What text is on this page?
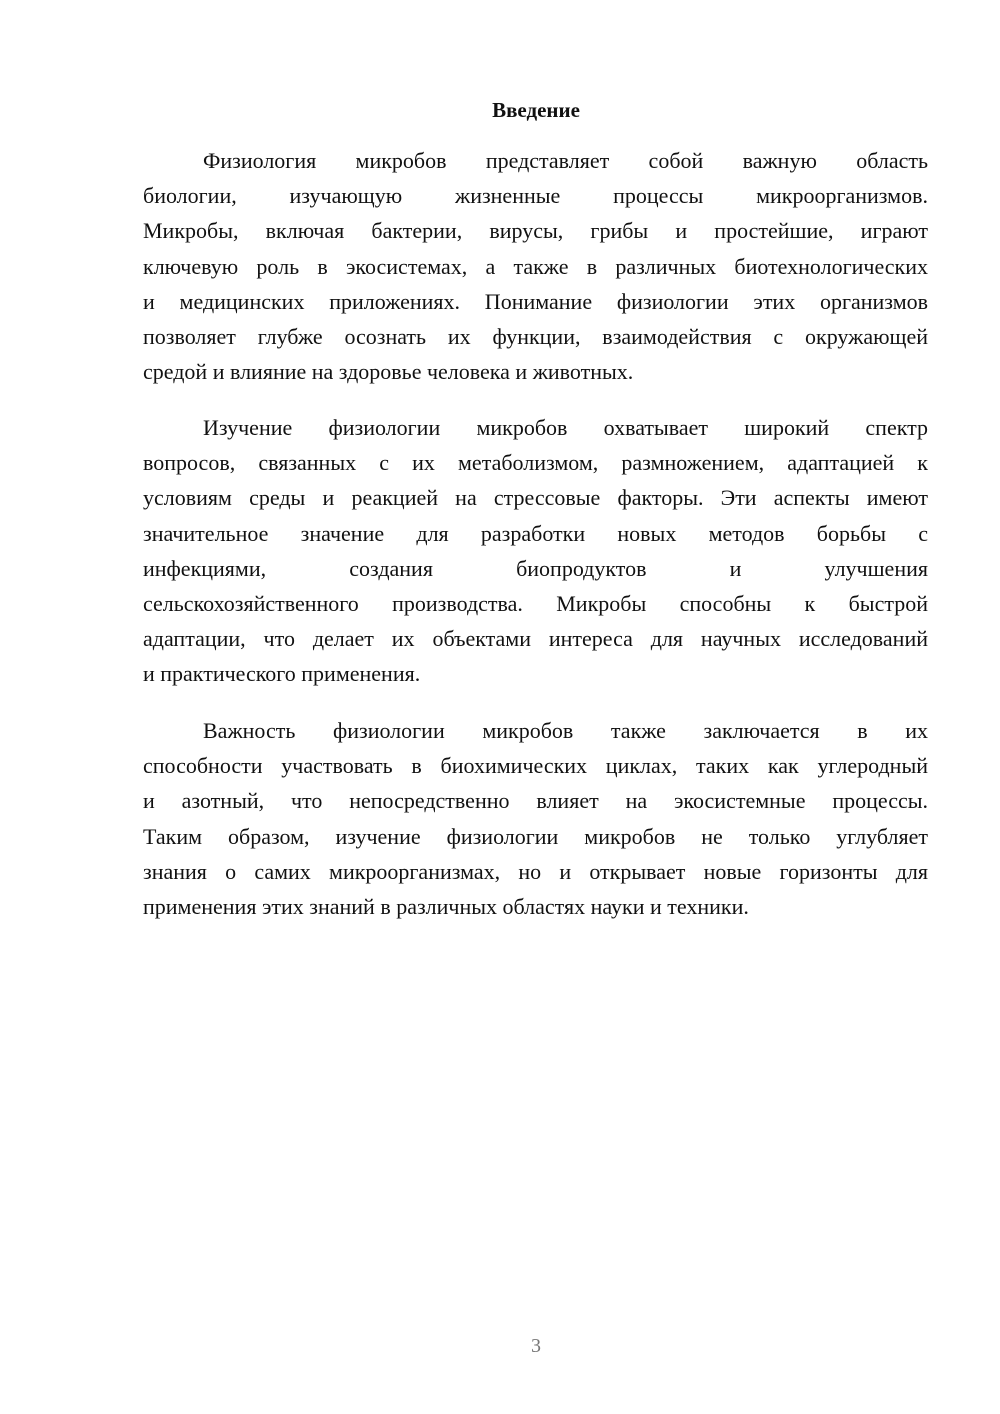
Введение
Физиология микробов представляет собой важную область
биологии, изучающую жизненные процессы микроорганизмов.
Микробы, включая бактерии, вирусы, грибы и простейшие, играют
ключевую роль в экосистемах, а также в различных биотехнологических
и медицинских приложениях. Понимание физиологии этих организмов
позволяет глубже осознать их функции, взаимодействия с окружающей
средой и влияние на здоровье человека и животных.
Изучение физиологии микробов охватывает широкий спектр
вопросов, связанных с их метаболизмом, размножением, адаптацией к
условиям среды и реакцией на стрессовые факторы. Эти аспекты имеют
значительное значение для разработки новых методов борьбы с
инфекциями, создания биопродуктов и улучшения
сельскохозяйственного производства. Микробы способны к быстрой
адаптации, что делает их объектами интереса для научных исследований
и практического применения.
Важность физиологии микробов также заключается в их
способности участвовать в биохимических циклах, таких как углеродный
и азотный, что непосредственно влияет на экосистемные процессы.
Таким образом, изучение физиологии микробов не только углубляет
знания о самих микроорганизмах, но и открывает новые горизонты для
применения этих знаний в различных областях науки и техники.
3
